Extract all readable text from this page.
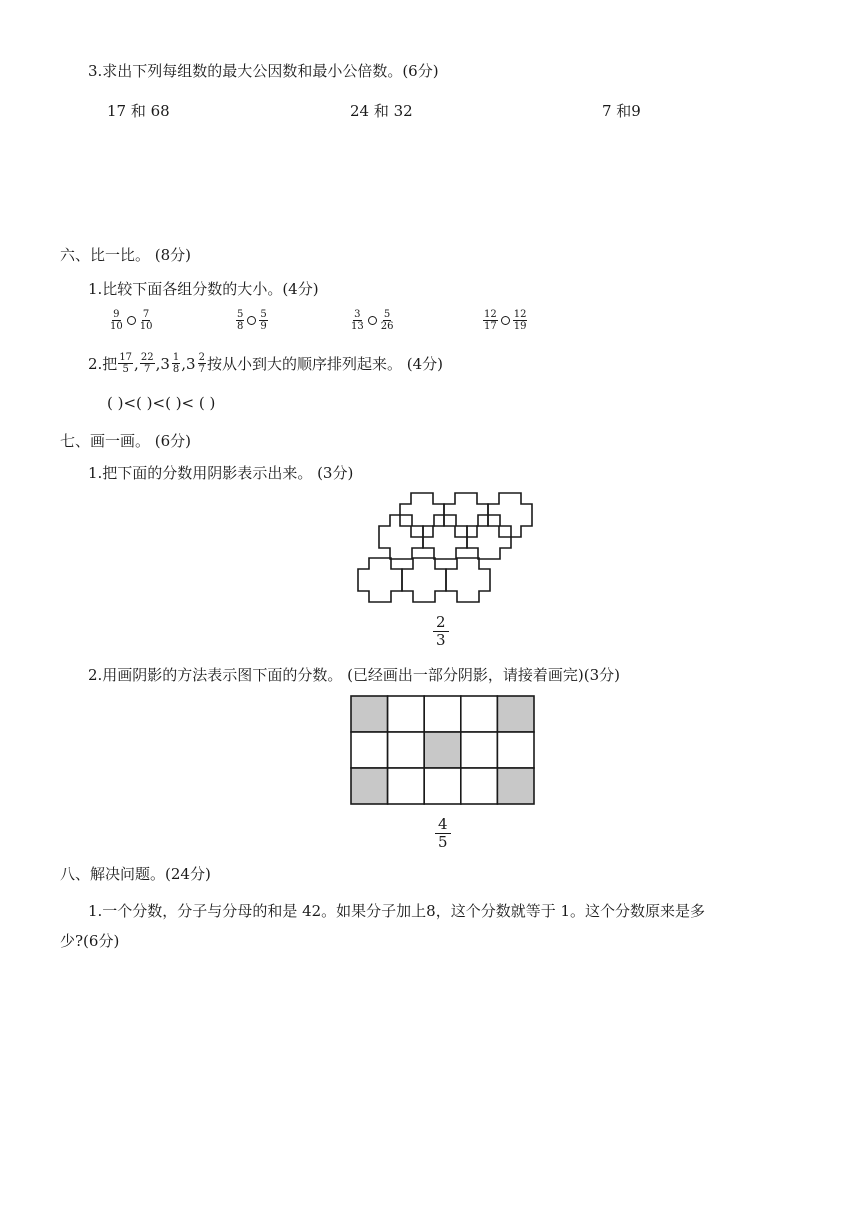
3.求出下列每组数的最大公因数和最小公倍数。(6分)
17 和 68	24 和 32	7 和9
六、比一比。 (8分)
1.比较下面各组分数的大小。(4分)
$\frac{9}{10} \frac{7}{10}$	$\frac{5}{8} \frac{5}{9}$	$\frac{3}{13} \frac{5}{26}$	$\frac{12}{17} \frac{12}{19}$
2.把 $\frac{17}{5}$ , $\frac{22}{7}$ , $3 \frac{1}{8}$ , $3 \frac{2}{7}$ 按从小到大的顺序排列起来。 (4分)
( )<( )<( )< ( )
七、画一画。 (6分)
1.把下面的分数用阴影表示出来。 (3分)
$\frac{2}{3}$
2.用画阴影的方法表示图下面的分数。 (已经画出一部分阴影，请接着画完)(3分)
$\frac{4}{5}$
八、解决问题。(24分)
1.一个分数，分子与分母的和是 42。如果分子加上8，这个分数就等于 1。这个分数原来是多
少?(6分)
